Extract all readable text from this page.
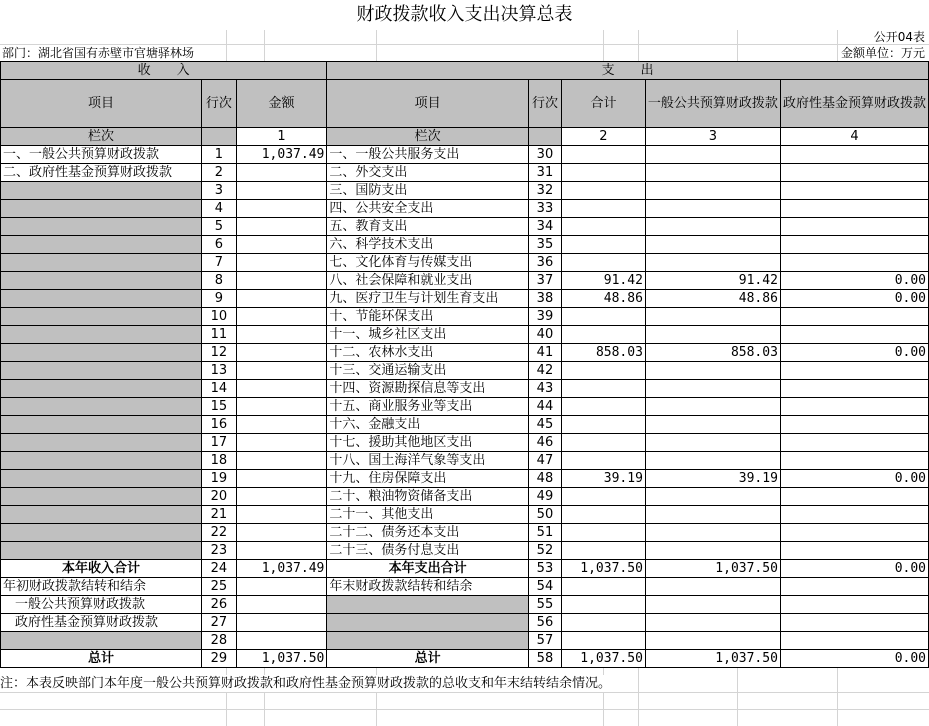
财政拨款收入支出决算总表
公开04表
部门：湖北省国有赤壁市官塘驿林场	金额单位：万元
收　　入			支　　出				
项目	行次	金额	项目	行次	合计	一般公共预算财政拨款	政府性基金预算财政拨款
栏次		1	栏次		2	3	4
一、一般公共预算财政拨款	1	1,037.49	一、一般公共服务支出	30			
二、政府性基金预算财政拨款	2		二、外交支出	31			
	3		三、国防支出	32			
	4		四、公共安全支出	33			
	5		五、教育支出	34			
	6		六、科学技术支出	35			
	7		七、文化体育与传媒支出	36			
	8		八、社会保障和就业支出	37	91.42	91.42	0.00
	9		九、医疗卫生与计划生育支出	38	48.86	48.86	0.00
	10		十、节能环保支出	39			
	11		十一、城乡社区支出	40			
	12		十二、农林水支出	41	858.03	858.03	0.00
	13		十三、交通运输支出	42			
	14		十四、资源勘探信息等支出	43			
	15		十五、商业服务业等支出	44			
	16		十六、金融支出	45			
	17		十七、援助其他地区支出	46			
	18		十八、国土海洋气象等支出	47			
	19		十九、住房保障支出	48	39.19	39.19	0.00
	20		二十、粮油物资储备支出	49			
	21		二十一、其他支出	50			
	22		二十二、债务还本支出	51			
	23		二十三、债务付息支出	52			
本年收入合计	24	1,037.49	本年支出合计	53	1,037.50	1,037.50	0.00
年初财政拨款结转和结余	25		年末财政拨款结转和结余	54			
一般公共预算财政拨款	26			55			
政府性基金预算财政拨款	27			56			
	28			57			
总计	29	1,037.50	总计	58	1,037.50	1,037.50	0.00
注：本表反映部门本年度一般公共预算财政拨款和政府性基金预算财政拨款的总收支和年末结转结余情况。
